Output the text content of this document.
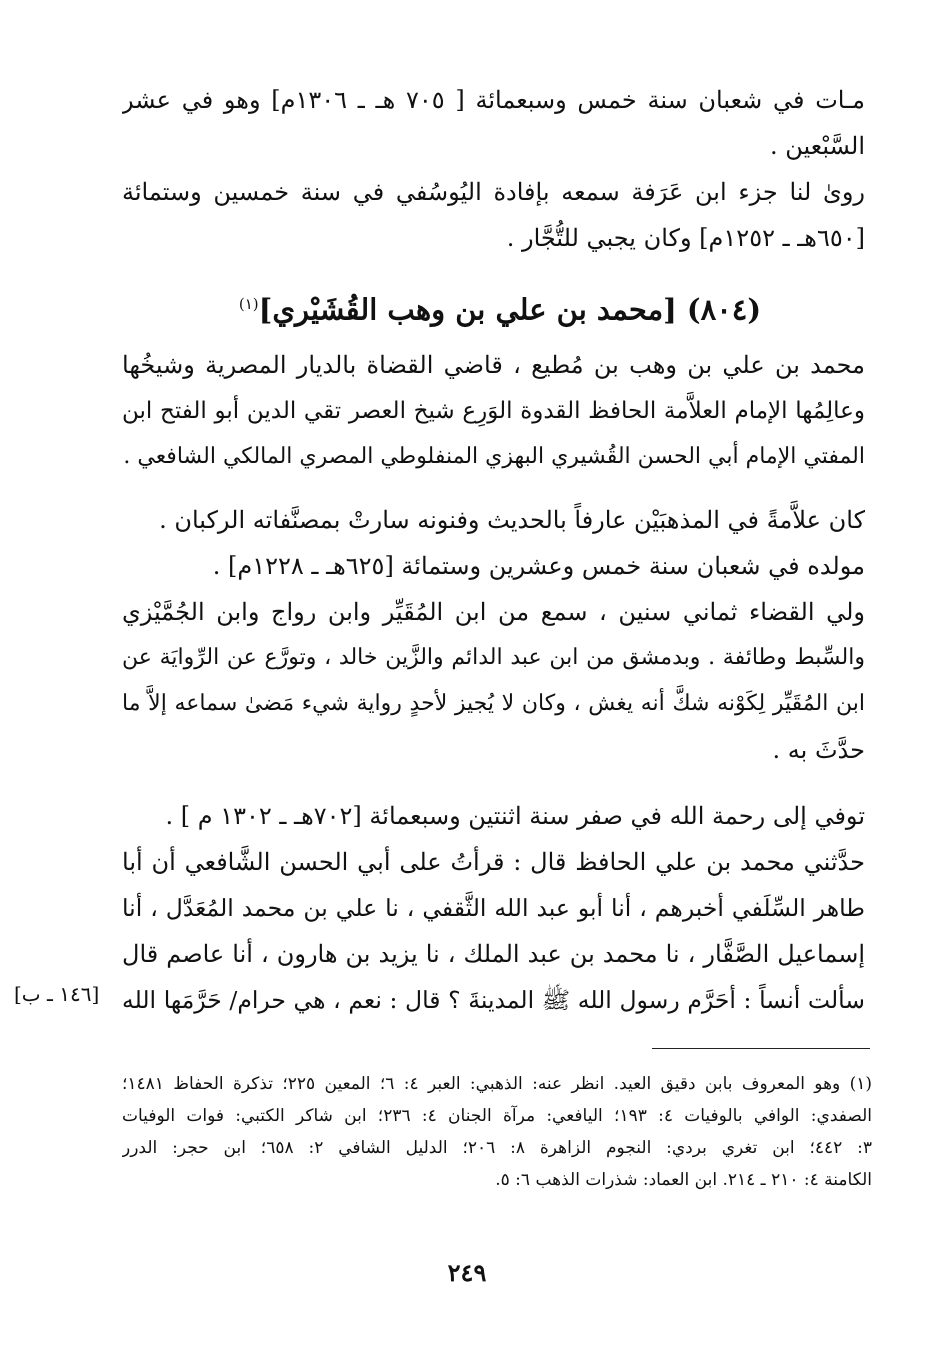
مـات في شعبان سنة خمس وسبعمائة [ ٧٠٥ هـ ـ ١٣٠٦م] وهو في عشر
السَّبْعين .
روىٰ لنا جزء ابن عَرَفة سمعه بإفادة اليُوسُفي في سنة خمسين وستمائة
[٦٥٠هـ ـ ١٢٥٢م] وكان يجبي للتُّجَّار .
(٨٠٤) [محمد بن علي بن وهب القُشَيْري]$^{(١)}$
محمد بن علي بن وهب بن مُطيع ، قاضي القضاة بالديار المصرية وشيخُها
وعالِمُها الإمام العلاَّمة الحافظ القدوة الوَرِع شيخ العصر تقي الدين أبو الفتح ابن
المفتي الإمام أبي الحسن القُشيري البهزي المنفلوطي المصري المالكي الشافعي .
كان علاَّمةً في المذهبَيْن عارفاً بالحديث وفنونه سارتْ بمصنَّفاته الركبان .
مولده في شعبان سنة خمس وعشرين وستمائة [٦٢٥هـ ـ ١٢٢٨م] .
ولي القضاء ثماني سنين ، سمع من ابن المُقَيِّر وابن رواج وابن الجُمَّيْزي
والسِّبط وطائفة . وبدمشق من ابن عبد الدائم والزَّين خالد ، وتورَّع عن الرِّوايَة عن
ابن المُقَيِّر لِكَوْنه شكَّ أنه يغش ، وكان لا يُجيز لأحدٍ رواية شيء مَضىٰ سماعه إلاَّ ما
حدَّثَ به .
توفي إلى رحمة الله في صفر سنة اثنتين وسبعمائة [٧٠٢هـ ـ ١٣٠٢ م ] .
حدَّثني محمد بن علي الحافظ قال : قرأتُ على أبي الحسن الشَّافعي أن أبا
طاهر السِّلَفي أخبرهم ، أنا أبو عبد الله الثَّقفي ، نا علي بن محمد المُعَدَّل ، أنا
إسماعيل الصَّفَّار ، نا محمد بن عبد الملك ، نا يزيد بن هارون ، أنا عاصم قال
سألت أنساً : أحَرَّم رسول الله ﷺ المدينةَ ؟ قال : نعم ، هي حرام/ حَرَّمَها الله
[١٤٦ ـ ب]
(١) وهو المعروف بابن دقيق العيد. انظر عنه: الذهبي: العبر ٤: ٦؛ المعين ٢٢٥؛ تذكرة الحفاظ ١٤٨١؛
الصفدي: الوافي بالوفيات ٤: ١٩٣؛ اليافعي: مرآة الجنان ٤: ٢٣٦؛ ابن شاكر الكتبي: فوات الوفيات
٣: ٤٤٢؛ ابن تغري بردي: النجوم الزاهرة ٨: ٢٠٦؛ الدليل الشافي ٢: ٦٥٨؛ ابن حجر: الدرر
الكامنة ٤: ٢١٠ ـ ٢١٤. ابن العماد: شذرات الذهب ٦: ٥.
٢٤٩
